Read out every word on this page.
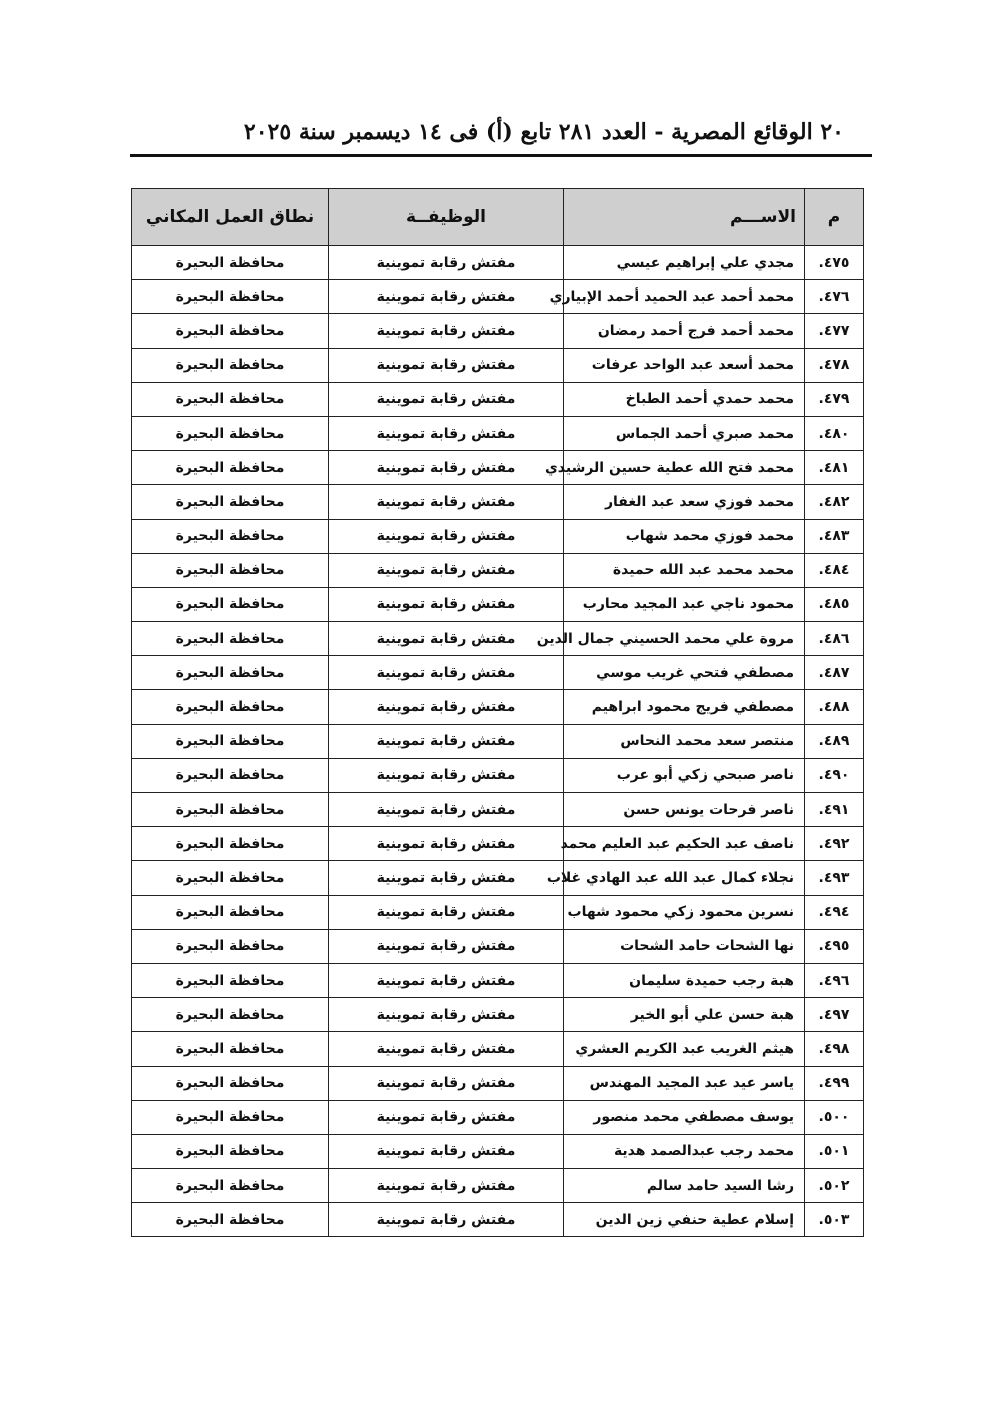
٢٠ الوقائع المصرية - العدد ٢٨١ تابع (أ) فى ١٤ ديسمبر سنة ٢٠٢٥
م	الاســـم	الوظيفــة	نطاق العمل المكاني
٤٧٥.	مجدي علي إبراهيم عيسي	مفتش رقابة تموينية	محافظة البحيرة
٤٧٦.	محمد أحمد عبد الحميد أحمد الإبياري	مفتش رقابة تموينية	محافظة البحيرة
٤٧٧.	محمد أحمد فرج أحمد رمضان	مفتش رقابة تموينية	محافظة البحيرة
٤٧٨.	محمد أسعد عبد الواحد عرفات	مفتش رقابة تموينية	محافظة البحيرة
٤٧٩.	محمد حمدي أحمد الطباخ	مفتش رقابة تموينية	محافظة البحيرة
٤٨٠.	محمد صبري أحمد الجماس	مفتش رقابة تموينية	محافظة البحيرة
٤٨١.	محمد فتح الله عطية حسين الرشيدي	مفتش رقابة تموينية	محافظة البحيرة
٤٨٢.	محمد فوزي سعد عبد الغفار	مفتش رقابة تموينية	محافظة البحيرة
٤٨٣.	محمد فوزي محمد شهاب	مفتش رقابة تموينية	محافظة البحيرة
٤٨٤.	محمد محمد عبد الله حميدة	مفتش رقابة تموينية	محافظة البحيرة
٤٨٥.	محمود ناجي عبد المجيد محارب	مفتش رقابة تموينية	محافظة البحيرة
٤٨٦.	مروة علي محمد الحسيني جمال الدين	مفتش رقابة تموينية	محافظة البحيرة
٤٨٧.	مصطفي فتحي غريب موسي	مفتش رقابة تموينية	محافظة البحيرة
٤٨٨.	مصطفي فريج محمود ابراهيم	مفتش رقابة تموينية	محافظة البحيرة
٤٨٩.	منتصر سعد محمد النحاس	مفتش رقابة تموينية	محافظة البحيرة
٤٩٠.	ناصر صبحي زكي أبو عرب	مفتش رقابة تموينية	محافظة البحيرة
٤٩١.	ناصر فرحات يونس حسن	مفتش رقابة تموينية	محافظة البحيرة
٤٩٢.	ناصف عبد الحكيم عبد العليم محمد	مفتش رقابة تموينية	محافظة البحيرة
٤٩٣.	نجلاء كمال عبد الله عبد الهادي غلاب	مفتش رقابة تموينية	محافظة البحيرة
٤٩٤.	نسرين محمود زكي محمود شهاب	مفتش رقابة تموينية	محافظة البحيرة
٤٩٥.	نها الشحات حامد الشحات	مفتش رقابة تموينية	محافظة البحيرة
٤٩٦.	هبة رجب حميدة سليمان	مفتش رقابة تموينية	محافظة البحيرة
٤٩٧.	هبة حسن علي أبو الخير	مفتش رقابة تموينية	محافظة البحيرة
٤٩٨.	هيثم الغريب عبد الكريم العشري	مفتش رقابة تموينية	محافظة البحيرة
٤٩٩.	ياسر عيد عبد المجيد المهندس	مفتش رقابة تموينية	محافظة البحيرة
٥٠٠.	يوسف مصطفي محمد منصور	مفتش رقابة تموينية	محافظة البحيرة
٥٠١.	محمد رجب عبدالصمد هدية	مفتش رقابة تموينية	محافظة البحيرة
٥٠٢.	رشا السيد حامد سالم	مفتش رقابة تموينية	محافظة البحيرة
٥٠٣.	إسلام عطية حنفي زين الدين	مفتش رقابة تموينية	محافظة البحيرة
